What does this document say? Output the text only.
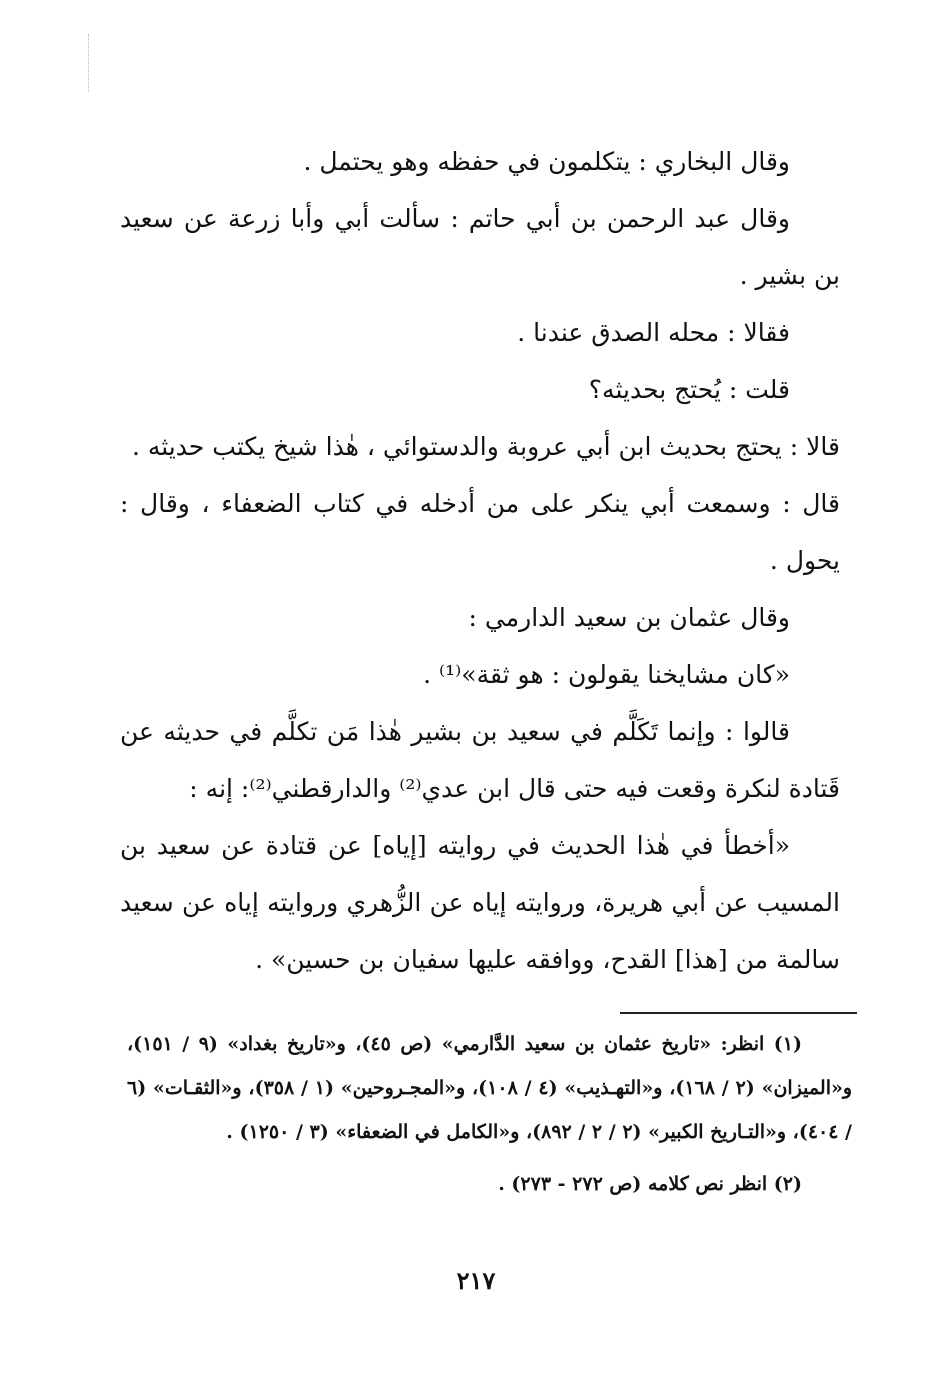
وقال البخاري : يتكلمون في حفظه وهو يحتمل .
وقال عبد الرحمن بن أبي حاتم : سألت أبي وأبا زرعة عن سعيد بن بشير .
فقالا : محله الصدق عندنا .
قلت : يُحتج بحديثه؟
قالا : يحتج بحديث ابن أبي عروبة والدستوائي ، هٰذا شيخ يكتب حديثه .
قال : وسمعت أبي ينكر على من أدخله في كتاب الضعفاء ، وقال : يحول .
وقال عثمان بن سعيد الدارمي :
«كان مشايخنا يقولون : هو ثقة»⁽¹⁾ .
قالوا : وإنما تَكَلَّم في سعيد بن بشير هٰذا مَن تكلَّم في حديثه عن قَتادة لنكرة وقعت فيه حتى قال ابن عدي⁽²⁾ والدارقطني⁽²⁾: إنه :
«أخطأ في هٰذا الحديث في روايته [إياه] عن قتادة عن سعيد بن المسيب عن أبي هريرة، وروايته إياه عن الزُّهري وروايته إياه عن سعيد سالمة من [هذا] القدح، ووافقه عليها سفيان بن حسين» .

(١) انظر: «تاريخ عثمان بن سعيد الدَّارمي» (ص ٤٥)، و«تاريخ بغداد» (٩ / ١٥١)، و«الميزان» (٢ / ١٦٨)، و«التهـذيب» (٤ / ١٠٨)، و«المجـروحين» (١ / ٣٥٨)، و«الثقـات» (٦ / ٤٠٤)، و«التـاريخ الكبير» (٢ / ٢ / ٨٩٢)، و«الكامل في الضعفاء» (٣ / ١٢٥٠) .

(٢) انظر نص كلامه (ص ٢٧٢ - ٢٧٣) .

٢١٧
